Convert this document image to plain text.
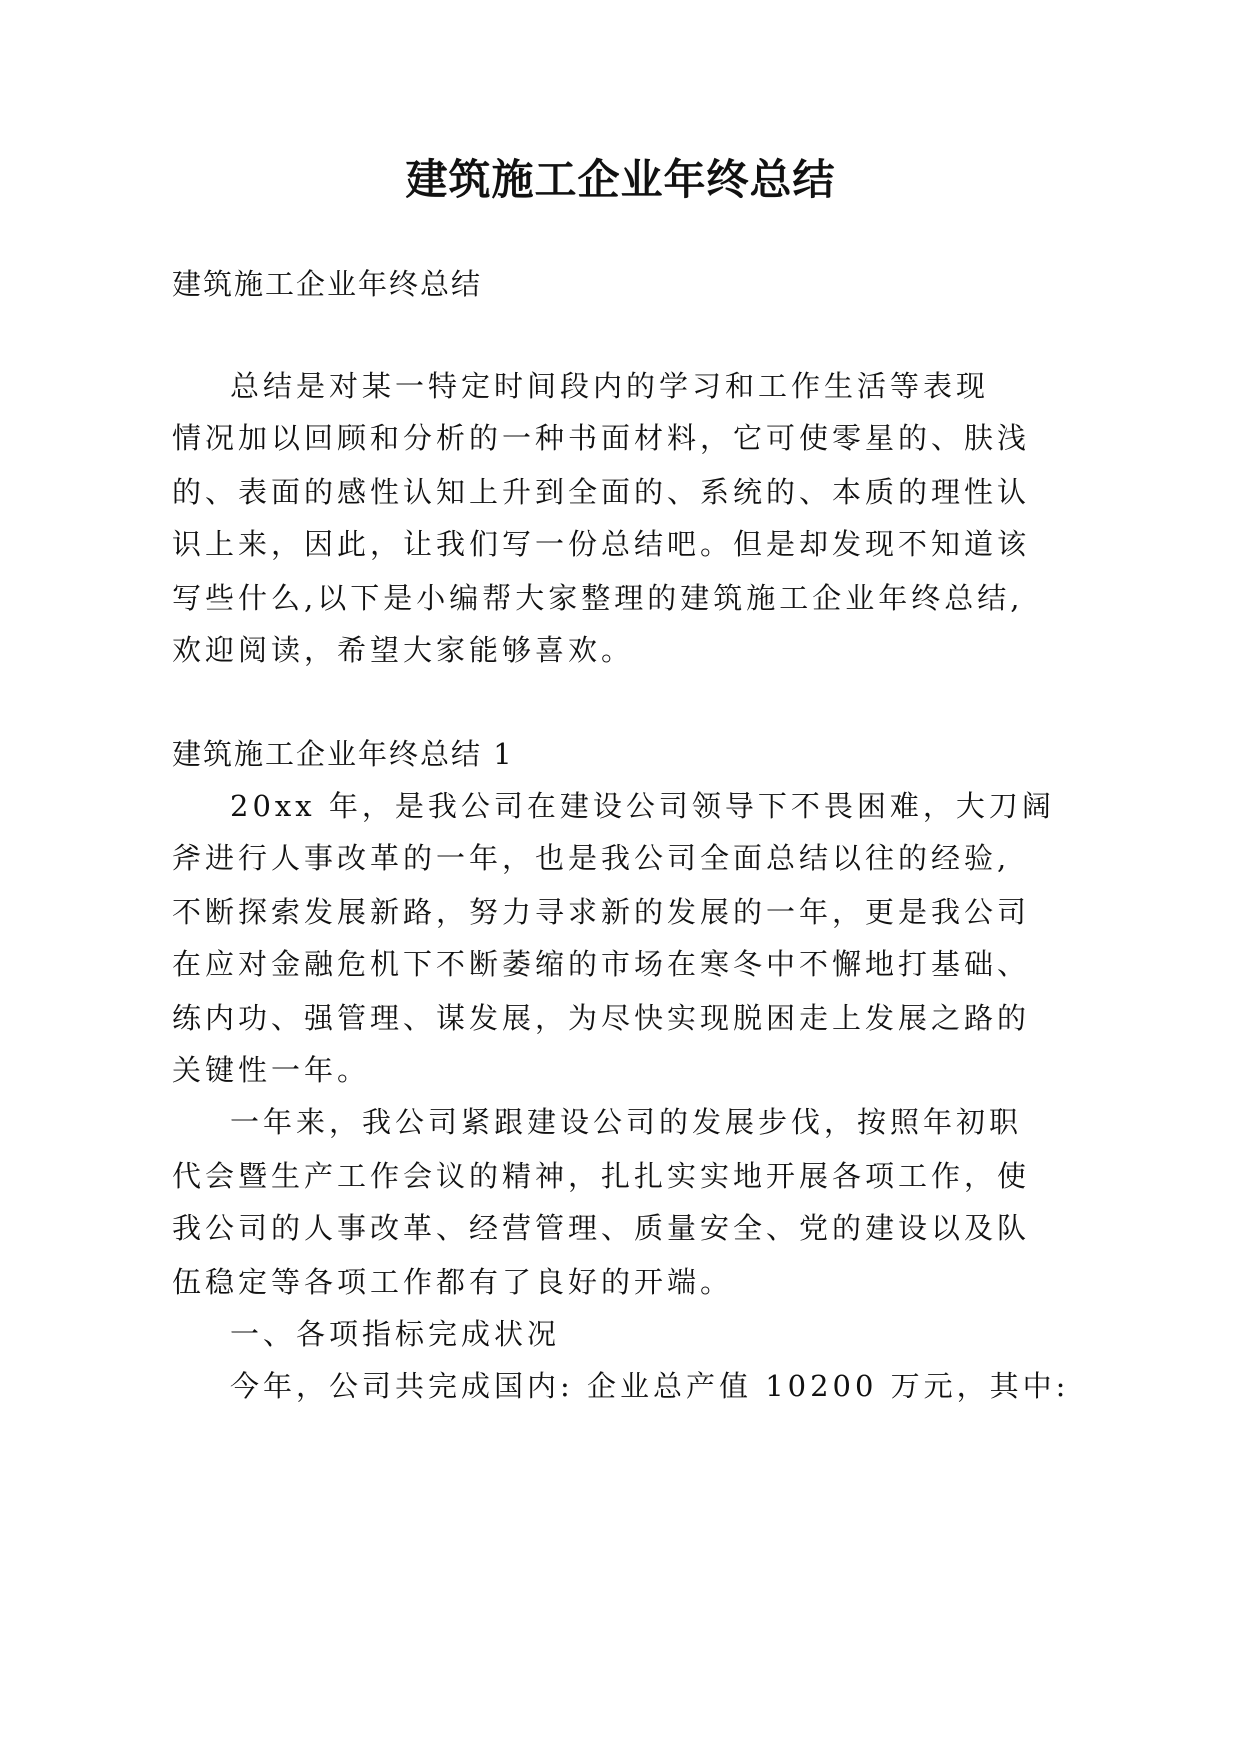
建筑施工企业年终总结

建筑施工企业年终总结

总结是对某一特定时间段内的学习和工作生活等表现

情况加以回顾和分析的一种书面材料，它可使零星的、肤浅

的、表面的感性认知上升到全面的、系统的、本质的理性认

识上来，因此，让我们写一份总结吧。但是却发现不知道该

写些什么,以下是小编帮大家整理的建筑施工企业年终总结,

欢迎阅读，希望大家能够喜欢。

建筑施工企业年终总结 1

20xx 年，是我公司在建设公司领导下不畏困难，大刀阔

斧进行人事改革的一年，也是我公司全面总结以往的经验,

不断探索发展新路，努力寻求新的发展的一年，更是我公司

在应对金融危机下不断萎缩的市场在寒冬中不懈地打基础、

练内功、强管理、谋发展，为尽快实现脱困走上发展之路的

关键性一年。

一年来，我公司紧跟建设公司的发展步伐，按照年初职

代会暨生产工作会议的精神，扎扎实实地开展各项工作，使

我公司的人事改革、经营管理、质量安全、党的建设以及队

伍稳定等各项工作都有了良好的开端。

一、各项指标完成状况

今年，公司共完成国内: 企业总产值 10200 万元，其中:
